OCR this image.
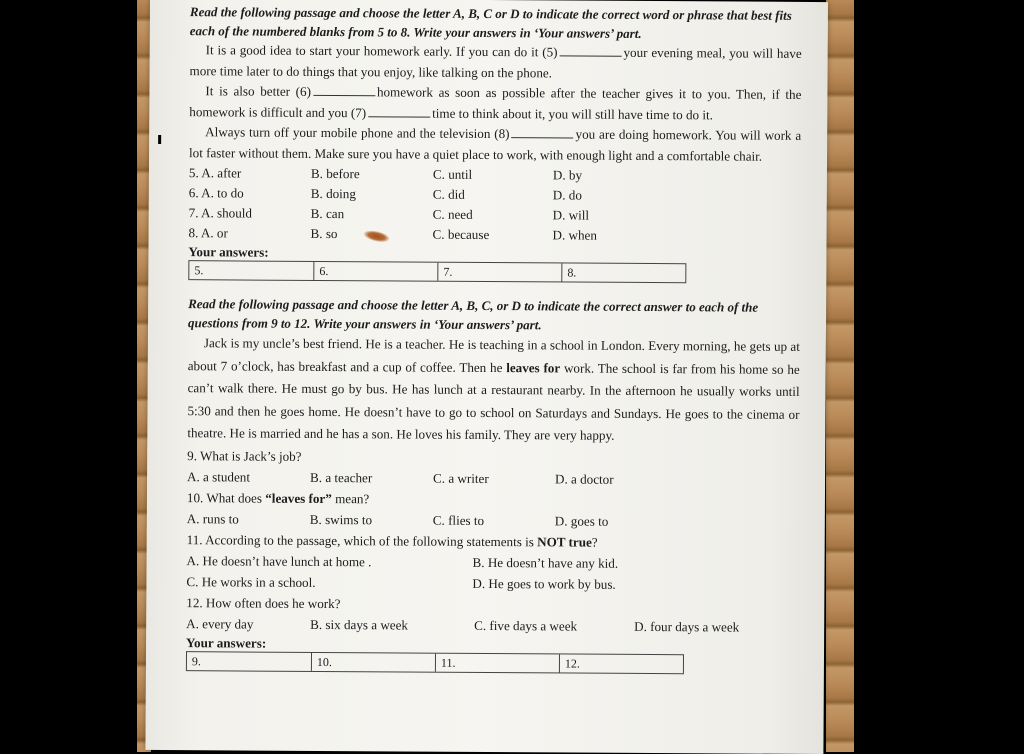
Read the following passage and choose the letter A, B, C or D to indicate the correct word or phrase that best fits each of the numbered blanks from 5 to 8. Write your answers in ‘Your answers’ part.
It is a good idea to start your homework early. If you can do it (5)	your evening meal, you will have more time later to do things that you enjoy, like talking on the phone.
It is also better (6)	homework as soon as possible after the teacher gives it to you. Then, if the homework is difficult and you (7)	time to think about it, you will still have time to do it.
Always turn off your mobile phone and the television (8)	you are doing homework. You will work a lot faster without them. Make sure you have a quiet place to work, with enough light and a comfortable chair.
5. A. after	B. before	C. until	D. by
6. A. to do	B. doing	C. did	D. do
7. A. should	B. can	C. need	D. will
8. A. or	B. so	C. because	D. when
Your answers:
5.	6.	7.	8.
Read the following passage and choose the letter A, B, C, or D to indicate the correct answer to each of the questions from 9 to 12. Write your answers in ‘Your answers’ part.
Jack is my uncle’s best friend. He is a teacher. He is teaching in a school in London. Every morning, he gets up at about 7 o’clock, has breakfast and a cup of coffee. Then he leaves for work. The school is far from his home so he can’t walk there. He must go by bus. He has lunch at a restaurant nearby. In the afternoon he usually works until 5:30 and then he goes home. He doesn’t have to go to school on Saturdays and Sundays. He goes to the cinema or theatre. He is married and he has a son. He loves his family. They are very happy.
9. What is Jack’s job?
A. a student	B. a teacher	C. a writer	D. a doctor
10. What does “leaves for” mean?
A. runs to	B. swims to	C. flies to	D. goes to
11. According to the passage, which of the following statements is NOT true?
A. He doesn’t have lunch at home .	B. He doesn’t have any kid.
C. He works in a school.	D. He goes to work by bus.
12. How often does he work?
A. every day	B. six days a week	C. five days a week	D. four days a week
Your answers:
9.	10.	11.	12.
